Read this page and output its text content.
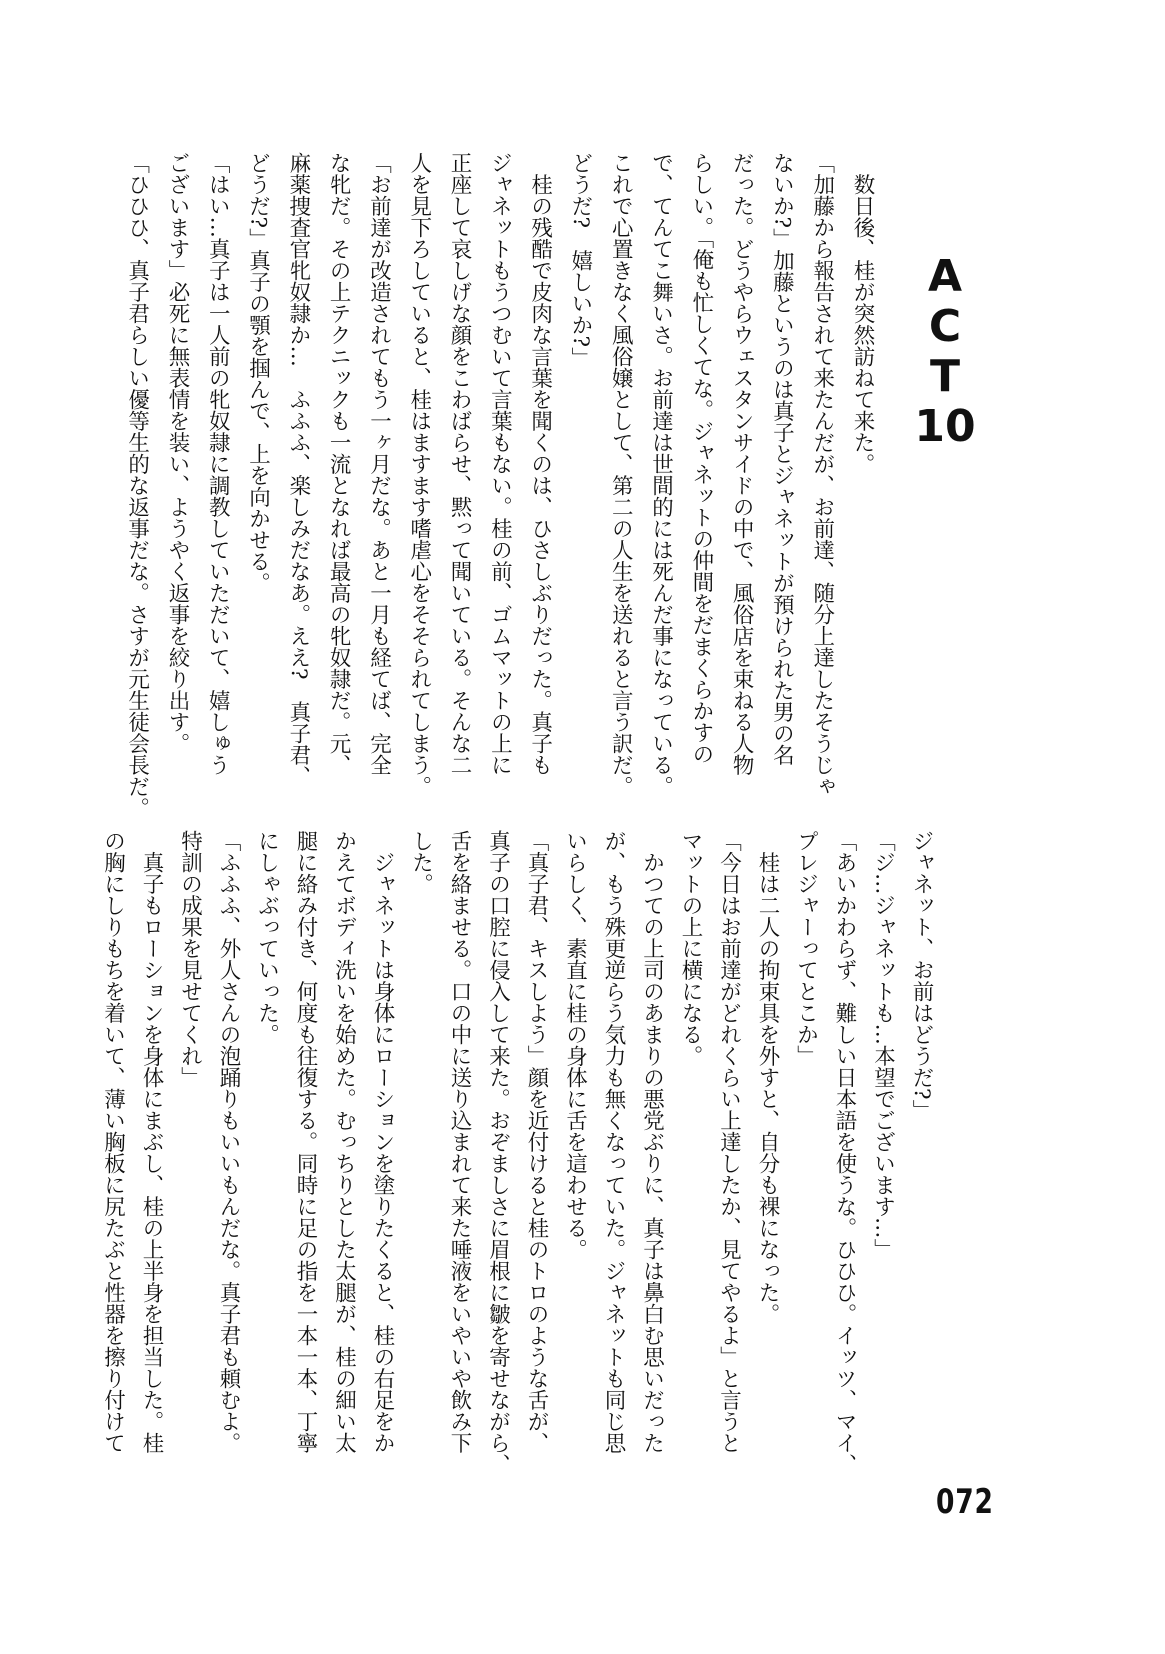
A
C
T
10
　数日後、桂が突然訪ねて来た。
「加藤から報告されて来たんだが、お前達、随分上達したそうじゃ
ないか?」加藤というのは真子とジャネットが預けられた男の名
だった。どうやらウェスタンサイドの中で、風俗店を束ねる人物
らしい。「俺も忙しくてな。ジャネットの仲間をだまくらかすの
で、てんてこ舞いさ。お前達は世間的には死んだ事になっている。
これで心置きなく風俗嬢として、第二の人生を送れると言う訳だ。
どうだ?　嬉しいか?」
　桂の残酷で皮肉な言葉を聞くのは、ひさしぶりだった。真子も
ジャネットもうつむいて言葉もない。桂の前、ゴムマットの上に
正座して哀しげな顔をこわばらせ、黙って聞いている。そんな二
人を見下ろしていると、桂はますます嗜虐心をそそられてしまう。
「お前達が改造されてもう一ヶ月だな。あと一月も経てば、完全
な牝だ。その上テクニックも一流となれば最高の牝奴隷だ。元、
麻薬捜査官牝奴隷か…　ふふふ、楽しみだなあ。ええ?　真子君、
どうだ?」真子の顎を掴んで、上を向かせる。
「はい…真子は一人前の牝奴隷に調教していただいて、嬉しゅう
ございます」必死に無表情を装い、ようやく返事を絞り出す。
「ひひひ、真子君らしい優等生的な返事だな。さすが元生徒会長だ。
ジャネット、お前はどうだ?」
「ジ…ジャネットも…本望でございます…」
「あいかわらず、難しい日本語を使うな。ひひひ。イッツ、マイ、
プレジャーってとこか」
　桂は二人の拘束具を外すと、自分も裸になった。
「今日はお前達がどれくらい上達したか、見てやるよ」と言うと
マットの上に横になる。
　かつての上司のあまりの悪党ぶりに、真子は鼻白む思いだった
が、もう殊更逆らう気力も無くなっていた。ジャネットも同じ思
いらしく、素直に桂の身体に舌を這わせる。
「真子君、キスしよう」顔を近付けると桂のトロのような舌が、
真子の口腔に侵入して来た。おぞましさに眉根に皺を寄せながら、
舌を絡ませる。口の中に送り込まれて来た唾液をいやいや飲み下
した。
　ジャネットは身体にローションを塗りたくると、桂の右足をか
かえてボディ洗いを始めた。むっちりとした太腿が、桂の細い太
腿に絡み付き、何度も往復する。同時に足の指を一本一本、丁寧
にしゃぶっていった。
「ふふふ、外人さんの泡踊りもいいもんだな。真子君も頼むよ。
特訓の成果を見せてくれ」
　真子もローションを身体にまぶし、桂の上半身を担当した。桂
の胸にしりもちを着いて、薄い胸板に尻たぶと性器を擦り付けて
072
